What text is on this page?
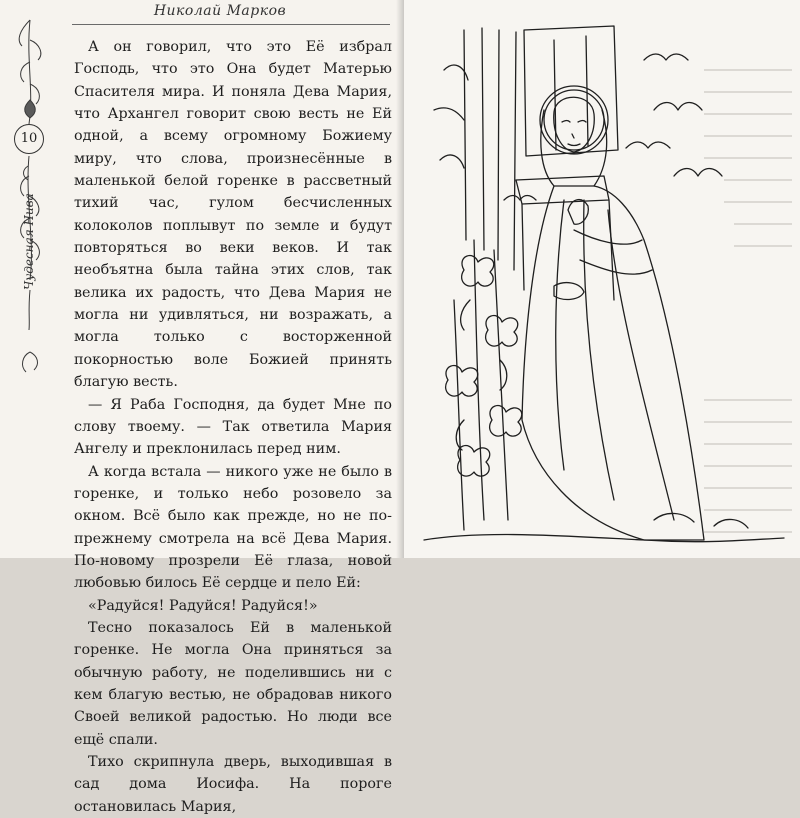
10
Чудесная Нива
Николай Марков

А он говорил, что это Её избрал Господь, что это Она будет Матерью Спасителя мира. И поняла Дева Мария, что Архангел говорит свою весть не Ей одной, а всему огромному Божиему миру, что слова, произнесённые в маленькой белой горенке в рассветный тихий час, гулом бесчисленных колоколов поплывут по земле и будут повторяться во веки веков. И так необъятна была тайна этих слов, так велика их радость, что Дева Мария не могла ни удивляться, ни возражать, а могла только с восторженной покорностью воле Божией принять благую весть.

— Я Раба Господня, да будет Мне по слову твоему. — Так ответила Мария Ангелу и преклонилась перед ним.

А когда встала — никого уже не было в горенке, и только небо розовело за окном. Всё было как прежде, но не по-прежнему смотрела на всё Дева Мария. По-новому прозрели Её глаза, новой любовью билось Её сердце и пело Ей:

«Радуйся! Радуйся! Радуйся!»

Тесно показалось Ей в маленькой горенке. Не могла Она приняться за обычную работу, не поделившись ни с кем благую вестью, не обрадовав никого Своей великой радостью. Но люди все ещё спали.

Тихо скрипнула дверь, выходившая в сад дома Иосифа. На пороге остановилась Мария,
